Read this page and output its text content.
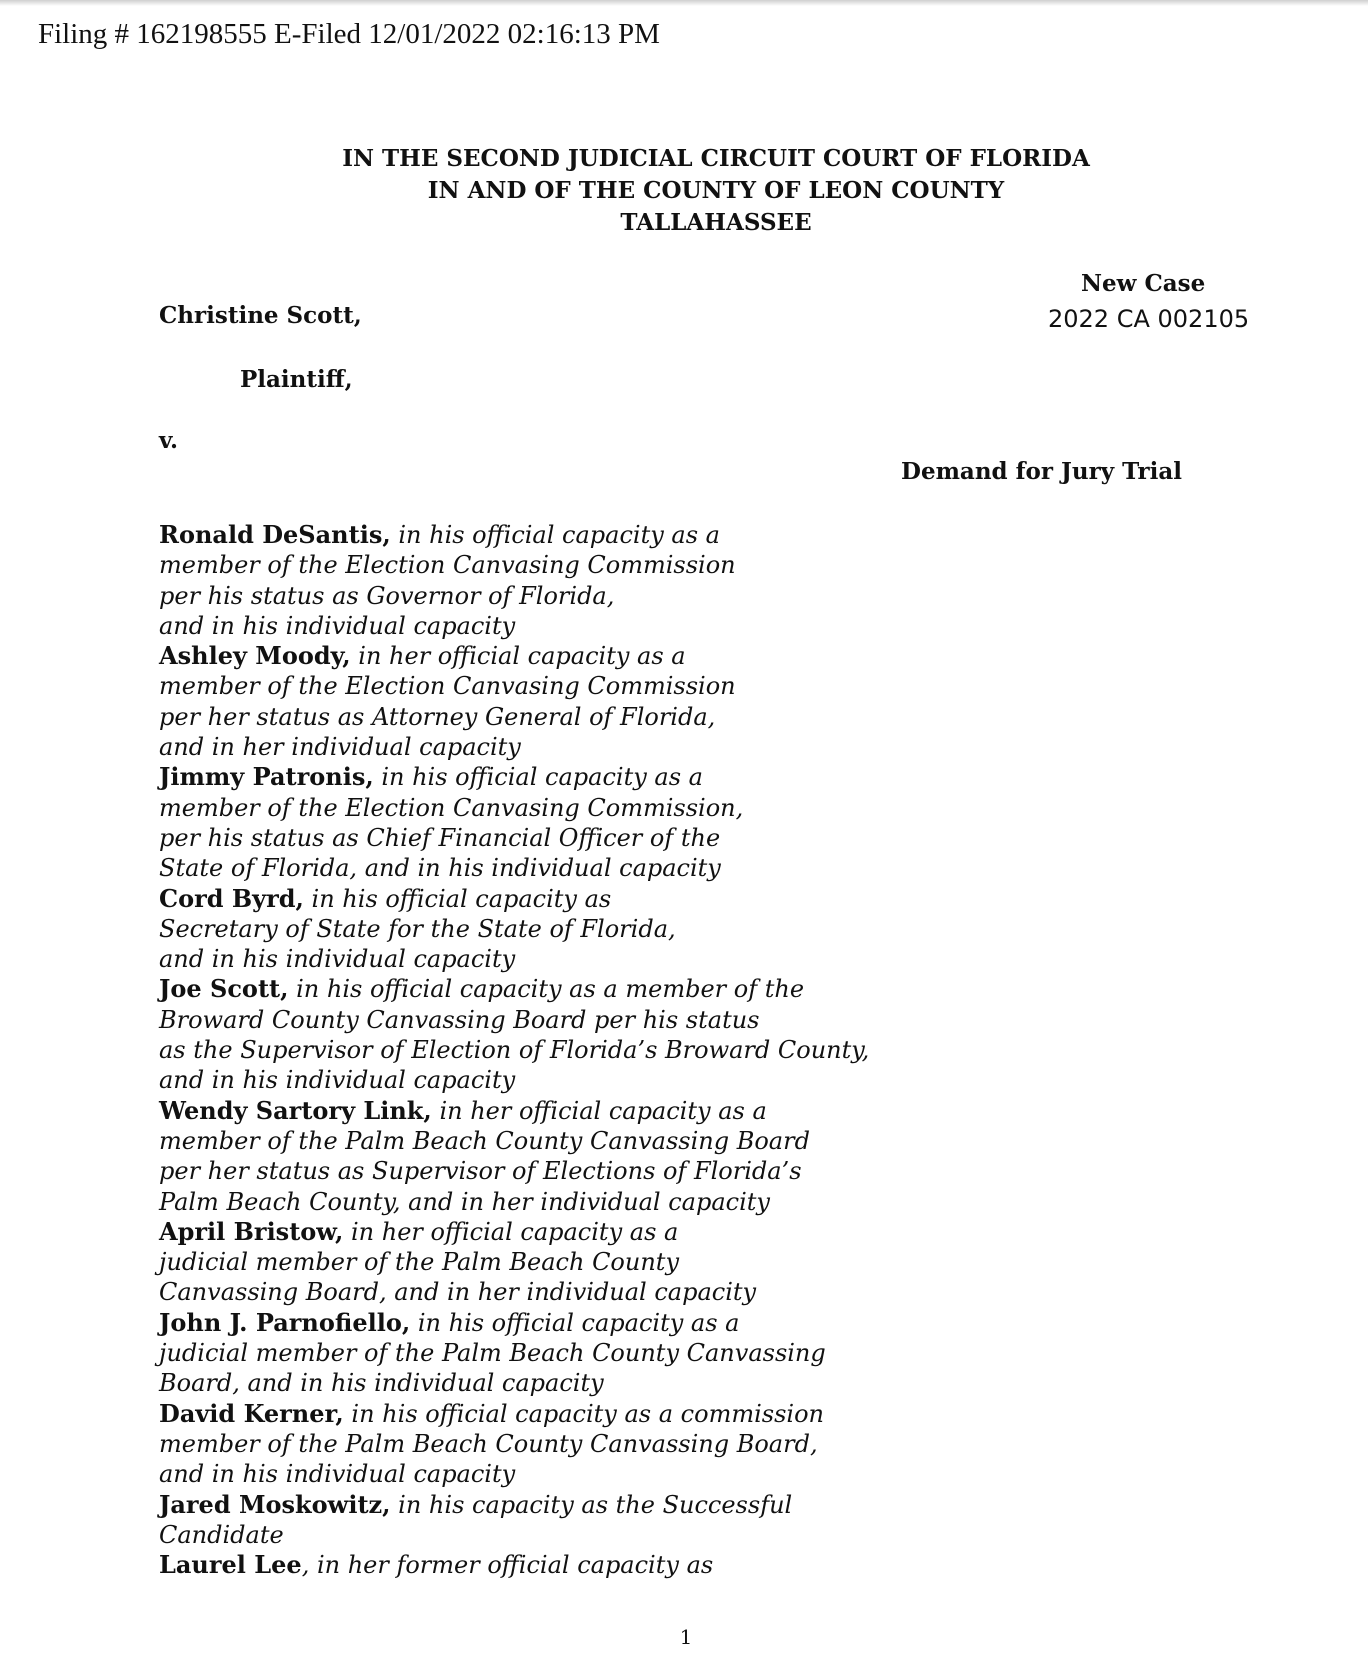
Filing # 162198555 E-Filed 12/01/2022 02:16:13 PM
IN THE SECOND JUDICIAL CIRCUIT COURT OF FLORIDA
IN AND OF THE COUNTY OF LEON COUNTY
TALLAHASSEE
New Case
2022 CA 002105
Christine Scott,
Plaintiff,
v.
Demand for Jury Trial
Ronald DeSantis, in his official capacity as a
member of the Election Canvasing Commission
per his status as Governor of Florida,
and in his individual capacity
Ashley Moody, in her official capacity as a
member of the Election Canvasing Commission
per her status as Attorney General of Florida,
and in her individual capacity
Jimmy Patronis, in his official capacity as a
member of the Election Canvasing Commission,
per his status as Chief Financial Officer of the
State of Florida, and in his individual capacity
Cord Byrd, in his official capacity as
Secretary of State for the State of Florida,
and in his individual capacity
Joe Scott, in his official capacity as a member of the
Broward County Canvassing Board per his status
as the Supervisor of Election of Florida’s Broward County,
and in his individual capacity
Wendy Sartory Link, in her official capacity as a
member of the Palm Beach County Canvassing Board
per her status as Supervisor of Elections of Florida’s
Palm Beach County, and in her individual capacity
April Bristow, in her official capacity as a
judicial member of the Palm Beach County
Canvassing Board, and in her individual capacity
John J. Parnofiello, in his official capacity as a
judicial member of the Palm Beach County Canvassing
Board, and in his individual capacity
David Kerner, in his official capacity as a commission
member of the Palm Beach County Canvassing Board,
and in his individual capacity
Jared Moskowitz, in his capacity as the Successful
Candidate
Laurel Lee, in her former official capacity as
1
